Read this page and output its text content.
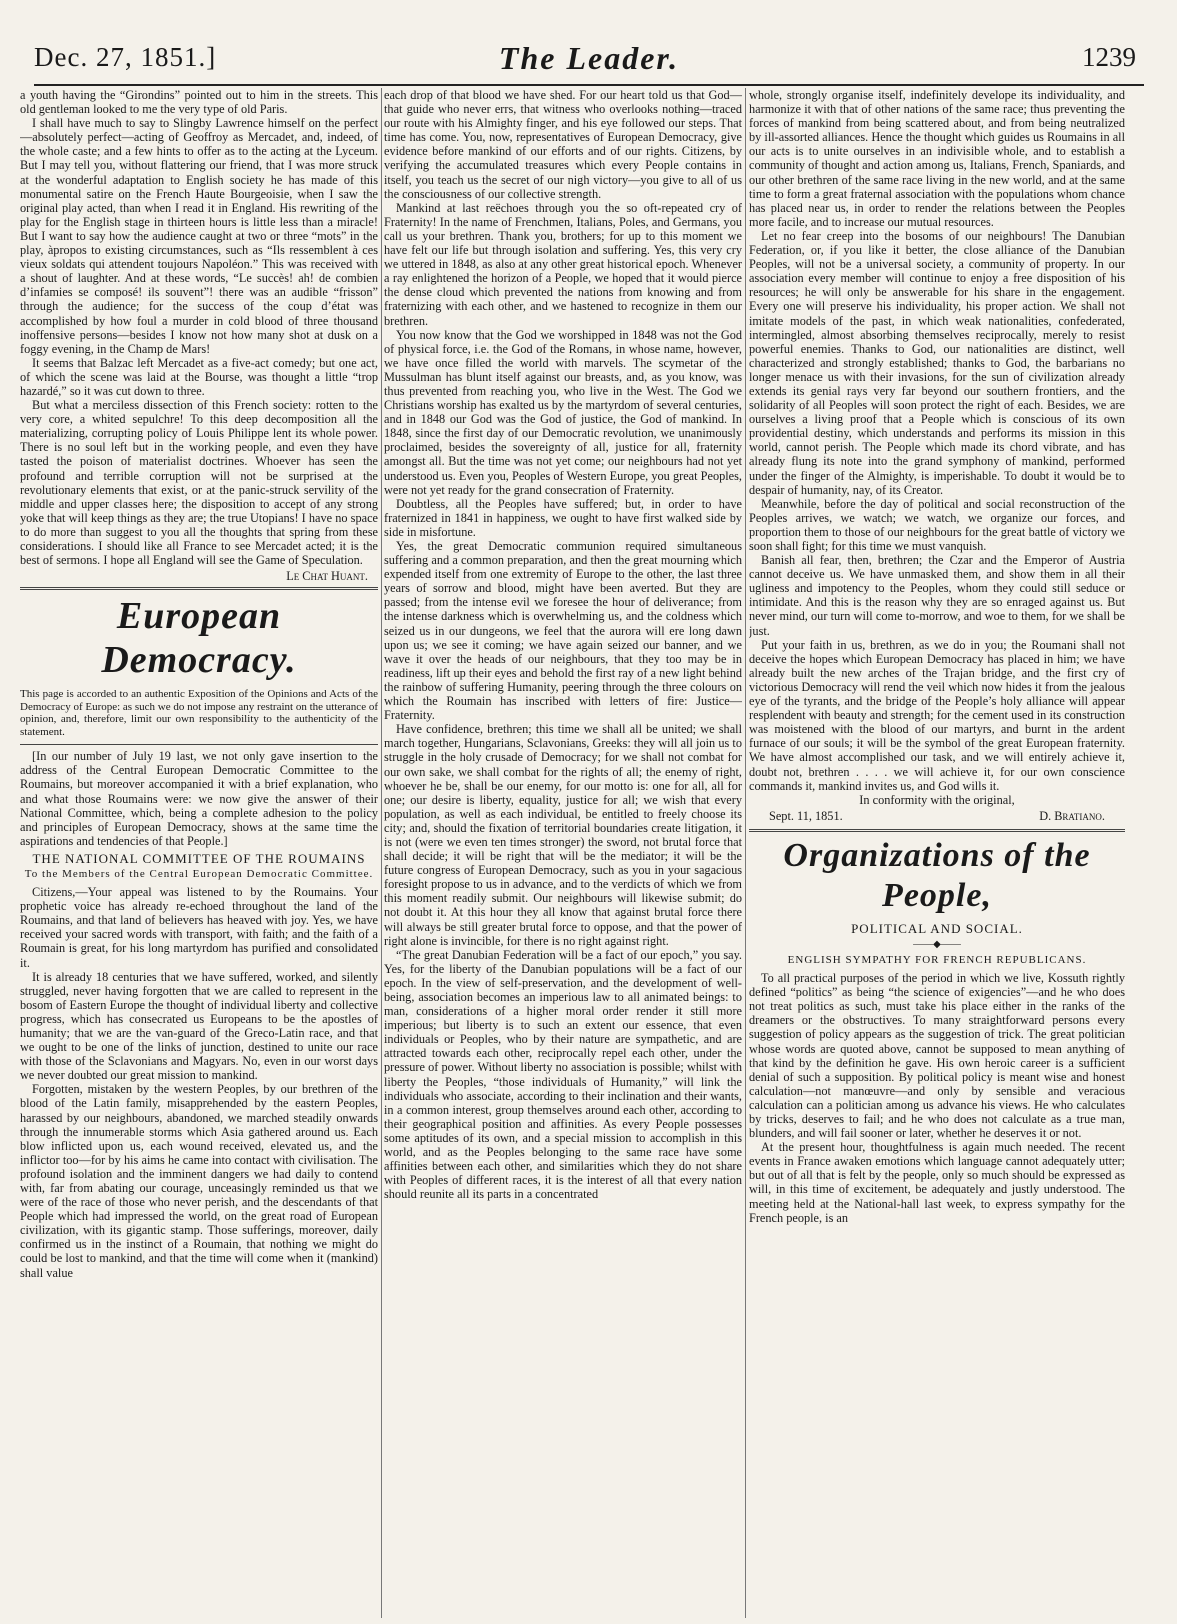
Dec. 27, 1851.]	The Leader.	1239

a youth having the “Girondins” pointed out to him in the streets. This old gentleman looked to me the very type of old Paris.

I shall have much to say to Slingby Lawrence himself on the perfect—absolutely perfect—acting of Geoffroy as Mercadet, and, indeed, of the whole caste; and a few hints to offer as to the acting at the Lyceum. But I may tell you, without flattering our friend, that I was more struck at the wonderful adaptation to English society he has made of this monumental satire on the French Haute Bourgeoisie, when I saw the original play acted, than when I read it in England. His rewriting of the play for the English stage in thirteen hours is little less than a miracle! But I want to say how the audience caught at two or three “mots” in the play, àpropos to existing circumstances, such as “Ils ressemblent à ces vieux soldats qui attendent toujours Napoléon.” This was received with a shout of laughter. And at these words, “Le succès! ah! de combien d’infamies se composé! ils souvent”! there was an audible “frisson” through the audience; for the success of the coup d’état was accomplished by how foul a murder in cold blood of three thousand inoffensive persons—besides I know not how many shot at dusk on a foggy evening, in the Champ de Mars!

It seems that Balzac left Mercadet as a five-act comedy; but one act, of which the scene was laid at the Bourse, was thought a little “trop hazardé,” so it was cut down to three.

But what a merciless dissection of this French society: rotten to the very core, a whited sepulchre! To this deep decomposition all the materializing, corrupting policy of Louis Philippe lent its whole power. There is no soul left but in the working people, and even they have tasted the poison of materialist doctrines. Whoever has seen the profound and terrible corruption will not be surprised at the revolutionary elements that exist, or at the panic-struck servility of the middle and upper classes here; the disposition to accept of any strong yoke that will keep things as they are; the true Utopians! I have no space to do more than suggest to you all the thoughts that spring from these considerations. I should like all France to see Mercadet acted; it is the best of sermons. I hope all England will see the Game of Speculation.

Le Chat Huant.
European Democracy.

This page is accorded to an authentic Exposition of the Opinions and Acts of the Democracy of Europe: as such we do not impose any restraint on the utterance of opinion, and, therefore, limit our own responsibility to the authenticity of the statement.

[In our number of July 19 last, we not only gave insertion to the address of the Central European Democratic Committee to the Roumains, but moreover accompanied it with a brief explanation, who and what those Roumains were: we now give the answer of their National Committee, which, being a complete adhesion to the policy and principles of European Democracy, shows at the same time the aspirations and tendencies of that People.]

THE NATIONAL COMMITTEE OF THE ROUMAINS
To the Members of the Central European Democratic Committee.

Citizens,—Your appeal was listened to by the Roumains. Your prophetic voice has already re-echoed throughout the land of the Roumains, and that land of believers has heaved with joy. Yes, we have received your sacred words with transport, with faith; and the faith of a Roumain is great, for his long martyrdom has purified and consolidated it.

It is already 18 centuries that we have suffered, worked, and silently struggled, never having forgotten that we are called to represent in the bosom of Eastern Europe the thought of individual liberty and collective progress, which has consecrated us Europeans to be the apostles of humanity; that we are the van-guard of the Greco-Latin race, and that we ought to be one of the links of junction, destined to unite our race with those of the Sclavonians and Magyars. No, even in our worst days we never doubted our great mission to mankind.

Forgotten, mistaken by the western Peoples, by our brethren of the blood of the Latin family, misapprehended by the eastern Peoples, harassed by our neighbours, abandoned, we marched steadily onwards through the innumerable storms which Asia gathered around us. Each blow inflicted upon us, each wound received, elevated us, and the inflictor too—for by his aims he came into contact with civilisation. The profound isolation and the imminent dangers we had daily to contend with, far from abating our courage, unceasingly reminded us that we were of the race of those who never perish, and the descendants of that People which had impressed the world, on the great road of European civilization, with its gigantic stamp. Those sufferings, moreover, daily confirmed us in the instinct of a Roumain, that nothing we might do could be lost to mankind, and that the time will come when it (mankind) shall value

each drop of that blood we have shed. For our heart told us that God—that guide who never errs, that witness who overlooks nothing—traced our route with his Almighty finger, and his eye followed our steps. That time has come. You, now, representatives of European Democracy, give evidence before mankind of our efforts and of our rights. Citizens, by verifying the accumulated treasures which every People contains in itself, you teach us the secret of our nigh victory—you give to all of us the consciousness of our collective strength.

Mankind at last reëchoes through you the so oft-repeated cry of Fraternity! In the name of Frenchmen, Italians, Poles, and Germans, you call us your brethren. Thank you, brothers; for up to this moment we have felt our life but through isolation and suffering. Yes, this very cry we uttered in 1848, as also at any other great historical epoch. Whenever a ray enlightened the horizon of a People, we hoped that it would pierce the dense cloud which prevented the nations from knowing and from fraternizing with each other, and we hastened to recognize in them our brethren.

You now know that the God we worshipped in 1848 was not the God of physical force, i.e. the God of the Romans, in whose name, however, we have once filled the world with marvels. The scymetar of the Mussulman has blunt itself against our breasts, and, as you know, was thus prevented from reaching you, who live in the West. The God we Christians worship has exalted us by the martyrdom of several centuries, and in 1848 our God was the God of justice, the God of mankind. In 1848, since the first day of our Democratic revolution, we unanimously proclaimed, besides the sovereignty of all, justice for all, fraternity amongst all. But the time was not yet come; our neighbours had not yet understood us. Even you, Peoples of Western Europe, you great Peoples, were not yet ready for the grand consecration of Fraternity.

Doubtless, all the Peoples have suffered; but, in order to have fraternized in 1841 in happiness, we ought to have first walked side by side in misfortune.

Yes, the great Democratic communion required simultaneous suffering and a common preparation, and then the great mourning which expended itself from one extremity of Europe to the other, the last three years of sorrow and blood, might have been averted. But they are passed; from the intense evil we foresee the hour of deliverance; from the intense darkness which is overwhelming us, and the coldness which seized us in our dungeons, we feel that the aurora will ere long dawn upon us; we see it coming; we have again seized our banner, and we wave it over the heads of our neighbours, that they too may be in readiness, lift up their eyes and behold the first ray of a new light behind the rainbow of suffering Humanity, peering through the three colours on which the Roumain has inscribed with letters of fire: Justice—Fraternity.

Have confidence, brethren; this time we shall all be united; we shall march together, Hungarians, Sclavonians, Greeks: they will all join us to struggle in the holy crusade of Democracy; for we shall not combat for our own sake, we shall combat for the rights of all; the enemy of right, whoever he be, shall be our enemy, for our motto is: one for all, all for one; our desire is liberty, equality, justice for all; we wish that every population, as well as each individual, be entitled to freely choose its city; and, should the fixation of territorial boundaries create litigation, it is not (were we even ten times stronger) the sword, not brutal force that shall decide; it will be right that will be the mediator; it will be the future congress of European Democracy, such as you in your sagacious foresight propose to us in advance, and to the verdicts of which we from this moment readily submit. Our neighbours will likewise submit; do not doubt it. At this hour they all know that against brutal force there will always be still greater brutal force to oppose, and that the power of right alone is invincible, for there is no right against right.

“The great Danubian Federation will be a fact of our epoch,” you say. Yes, for the liberty of the Danubian populations will be a fact of our epoch. In the view of self-preservation, and the development of well-being, association becomes an imperious law to all animated beings: to man, considerations of a higher moral order render it still more imperious; but liberty is to such an extent our essence, that even individuals or Peoples, who by their nature are sympathetic, and are attracted towards each other, reciprocally repel each other, under the pressure of power. Without liberty no association is possible; whilst with liberty the Peoples, “those individuals of Humanity,” will link the individuals who associate, according to their inclination and their wants, in a common interest, group themselves around each other, according to their geographical position and affinities. As every People possesses some aptitudes of its own, and a special mission to accomplish in this world, and as the Peoples belonging to the same race have some affinities between each other, and similarities which they do not share with Peoples of different races, it is the interest of all that every nation should reunite all its parts in a concentrated

whole, strongly organise itself, indefinitely develope its individuality, and harmonize it with that of other nations of the same race; thus preventing the forces of mankind from being scattered about, and from being neutralized by ill-assorted alliances. Hence the thought which guides us Roumains in all our acts is to unite ourselves in an indivisible whole, and to establish a community of thought and action among us, Italians, French, Spaniards, and our other brethren of the same race living in the new world, and at the same time to form a great fraternal association with the populations whom chance has placed near us, in order to render the relations between the Peoples more facile, and to increase our mutual resources.

Let no fear creep into the bosoms of our neighbours! The Danubian Federation, or, if you like it better, the close alliance of the Danubian Peoples, will not be a universal society, a community of property. In our association every member will continue to enjoy a free disposition of his resources; he will only be answerable for his share in the engagement. Every one will preserve his individuality, his proper action. We shall not imitate models of the past, in which weak nationalities, confederated, intermingled, almost absorbing themselves reciprocally, merely to resist powerful enemies. Thanks to God, our nationalities are distinct, well characterized and strongly established; thanks to God, the barbarians no longer menace us with their invasions, for the sun of civilization already extends its genial rays very far beyond our southern frontiers, and the solidarity of all Peoples will soon protect the right of each. Besides, we are ourselves a living proof that a People which is conscious of its own providential destiny, which understands and performs its mission in this world, cannot perish. The People which made its chord vibrate, and has already flung its note into the grand symphony of mankind, performed under the finger of the Almighty, is imperishable. To doubt it would be to despair of humanity, nay, of its Creator.

Meanwhile, before the day of political and social reconstruction of the Peoples arrives, we watch; we watch, we organize our forces, and proportion them to those of our neighbours for the great battle of victory we soon shall fight; for this time we must vanquish.

Banish all fear, then, brethren; the Czar and the Emperor of Austria cannot deceive us. We have unmasked them, and show them in all their ugliness and impotency to the Peoples, whom they could still seduce or intimidate. And this is the reason why they are so enraged against us. But never mind, our turn will come to-morrow, and woe to them, for we shall be just.

Put your faith in us, brethren, as we do in you; the Roumani shall not deceive the hopes which European Democracy has placed in him; we have already built the new arches of the Trajan bridge, and the first cry of victorious Democracy will rend the veil which now hides it from the jealous eye of the tyrants, and the bridge of the People’s holy alliance will appear resplendent with beauty and strength; for the cement used in its construction was moistened with the blood of our martyrs, and burnt in the ardent furnace of our souls; it will be the symbol of the great European fraternity. We have almost accomplished our task, and we will entirely achieve it, doubt not, brethren . . . . we will achieve it, for our own conscience commands it, mankind invites us, and God wills it.

In conformity with the original,

Sept. 11, 1851.	D. Bratiano.
Organizations of the People,
POLITICAL AND SOCIAL.
——◆——
ENGLISH SYMPATHY FOR FRENCH REPUBLICANS.

To all practical purposes of the period in which we live, Kossuth rightly defined “politics” as being “the science of exigencies”—and he who does not treat politics as such, must take his place either in the ranks of the dreamers or the obstructives. To many straightforward persons every suggestion of policy appears as the suggestion of trick. The great politician whose words are quoted above, cannot be supposed to mean anything of that kind by the definition he gave. His own heroic career is a sufficient denial of such a supposition. By political policy is meant wise and honest calculation—not manœuvre—and only by sensible and veracious calculation can a politician among us advance his views. He who calculates by tricks, deserves to fail; and he who does not calculate as a true man, blunders, and will fail sooner or later, whether he deserves it or not.

At the present hour, thoughtfulness is again much needed. The recent events in France awaken emotions which language cannot adequately utter; but out of all that is felt by the people, only so much should be expressed as will, in this time of excitement, be adequately and justly understood. The meeting held at the National-hall last week, to express sympathy for the French people, is an
